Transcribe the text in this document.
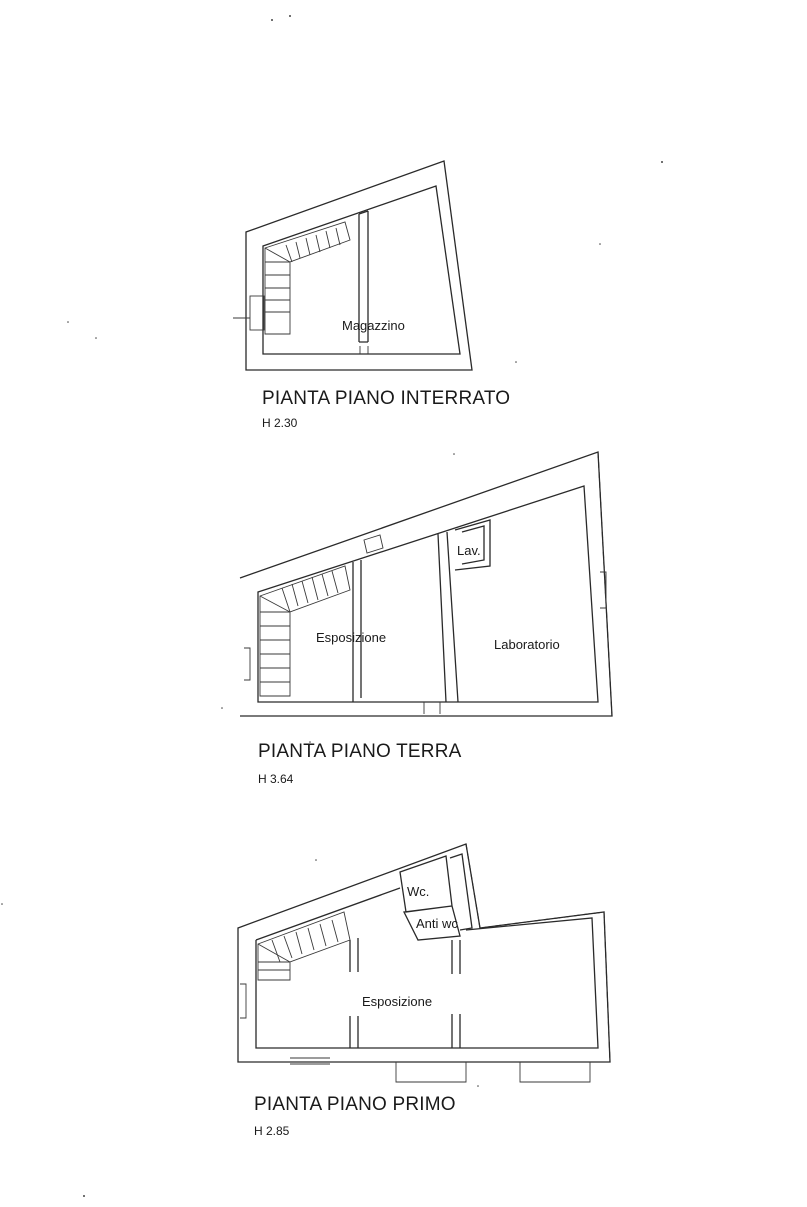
Magazzino
Esposizione
Lav.
Laboratorio
Wc.
Anti wc
Esposizione
PIANTA PIANO INTERRATO
H 2.30
PIANTA PIANO TERRA
H 3.64
PIANTA PIANO PRIMO
H 2.85
